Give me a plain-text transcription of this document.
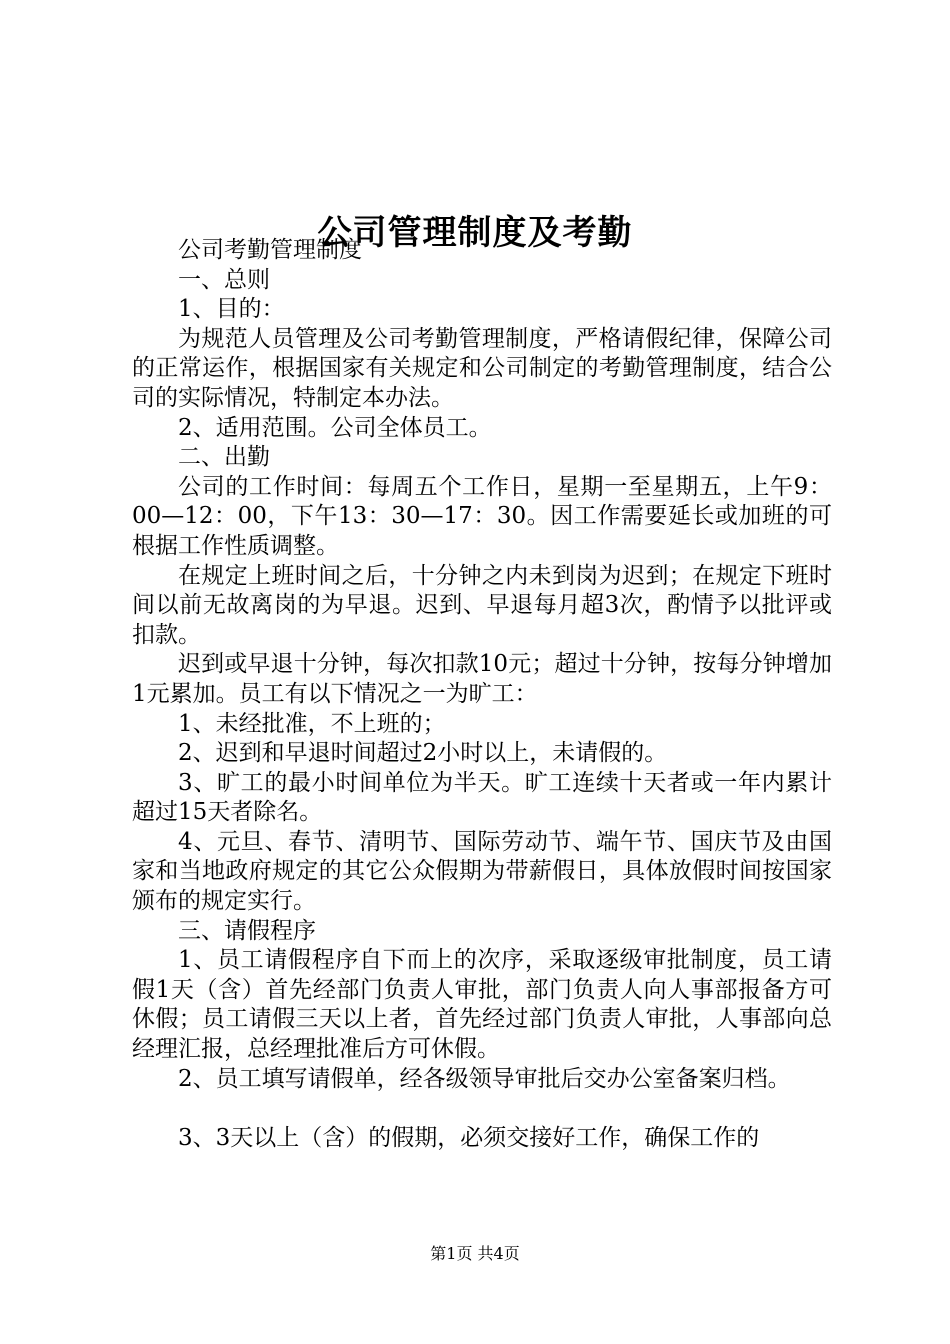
公司管理制度及考勤

公司考勤管理制度

一、总则

1、目的：

为规范人员管理及公司考勤管理制度，严格请假纪律，保障公司的正常运作，根据国家有关规定和公司制定的考勤管理制度，结合公司的实际情况，特制定本办法。

2、适用范围。公司全体员工。

二、出勤

公司的工作时间：每周五个工作日，星期一至星期五，上午9：00—12：00，下午13：30—17：30。因工作需要延长或加班的可根据工作性质调整。

在规定上班时间之后，十分钟之内未到岗为迟到；在规定下班时间以前无故离岗的为早退。迟到、早退每月超3次，酌情予以批评或扣款。

迟到或早退十分钟，每次扣款10元；超过十分钟，按每分钟增加1元累加。员工有以下情况之一为旷工：

1、未经批准，不上班的；

2、迟到和早退时间超过2小时以上，未请假的。

3、旷工的最小时间单位为半天。旷工连续十天者或一年内累计超过15天者除名。

4、元旦、春节、清明节、国际劳动节、端午节、国庆节及由国家和当地政府规定的其它公众假期为带薪假日，具体放假时间按国家颁布的规定实行。

三、请假程序

1、员工请假程序自下而上的次序，采取逐级审批制度，员工请假1天（含）首先经部门负责人审批，部门负责人向人事部报备方可休假；员工请假三天以上者，首先经过部门负责人审批，人事部向总经理汇报，总经理批准后方可休假。

2、员工填写请假单，经各级领导审批后交办公室备案归档。

3、3天以上（含）的假期，必须交接好工作，确保工作的

第1页 共4页
